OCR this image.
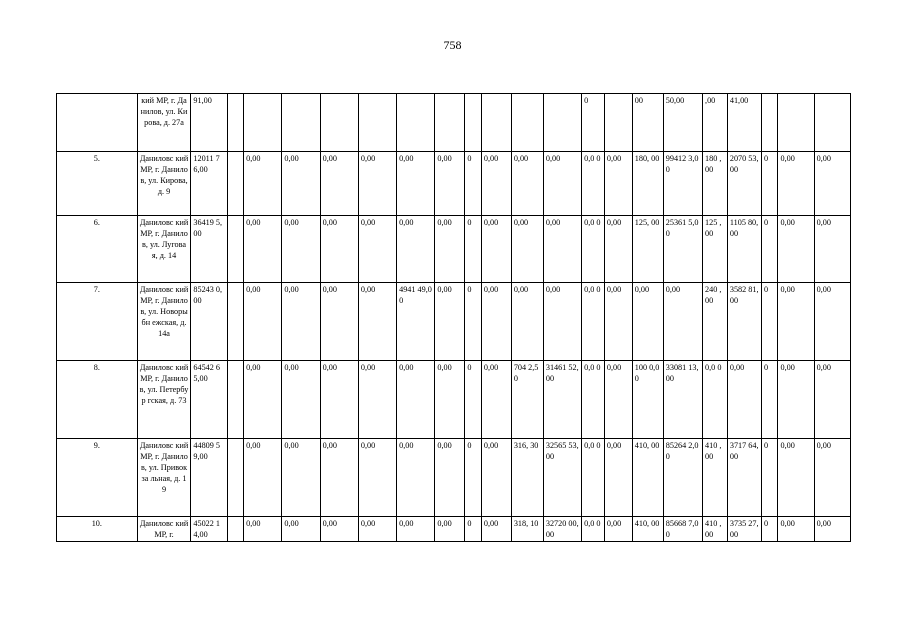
758
	кий МР, г. Данилов, ул. Кирова, д. 27а	91,00												0		00	50,00	,00	41,00			
5.	Даниловс кий МР, г. Данилов, ул. Кирова, д. 9	12011 76,00		0,00	0,00	0,00	0,00	0,00	0,00	0	0,00	0,00	0,00	0,0 0	0,00	180, 00	99412 3,00	180 ,00	2070 53,00	0	0,00	0,00
6.	Даниловс кий МР, г. Данилов, ул. Луговая, д. 14	36419 5,00		0,00	0,00	0,00	0,00	0,00	0,00	0	0,00	0,00	0,00	0,0 0	0,00	125, 00	25361 5,00	125 ,00	1105 80,00	0	0,00	0,00
7.	Даниловс кий МР, г. Данилов, ул. Новорыбн ежская, д. 14а	85243 0,00		0,00	0,00	0,00	0,00	4941 49,00	0,00	0	0,00	0,00	0,00	0,0 0	0,00	0,00	0,00	240 ,00	3582 81,00	0	0,00	0,00
8.	Даниловс кий МР, г. Данилов, ул. Петербур гская, д. 73	64542 65,00		0,00	0,00	0,00	0,00	0,00	0,00	0	0,00	704 2,50	31461 52,00	0,0 0	0,00	100 0,00	33081 13,00	0,0 0	0,00	0	0,00	0,00
9.	Даниловс кий МР, г. Данилов, ул. Привокза льная, д. 19	44809 59,00		0,00	0,00	0,00	0,00	0,00	0,00	0	0,00	316, 30	32565 53,00	0,0 0	0,00	410, 00	85264 2,00	410 ,00	3717 64,00	0	0,00	0,00
10.	Даниловс кий МР, г.	45022 14,00		0,00	0,00	0,00	0,00	0,00	0,00	0	0,00	318, 10	32720 00,00	0,0 0	0,00	410, 00	85668 7,00	410 ,00	3735 27,00	0	0,00	0,00
